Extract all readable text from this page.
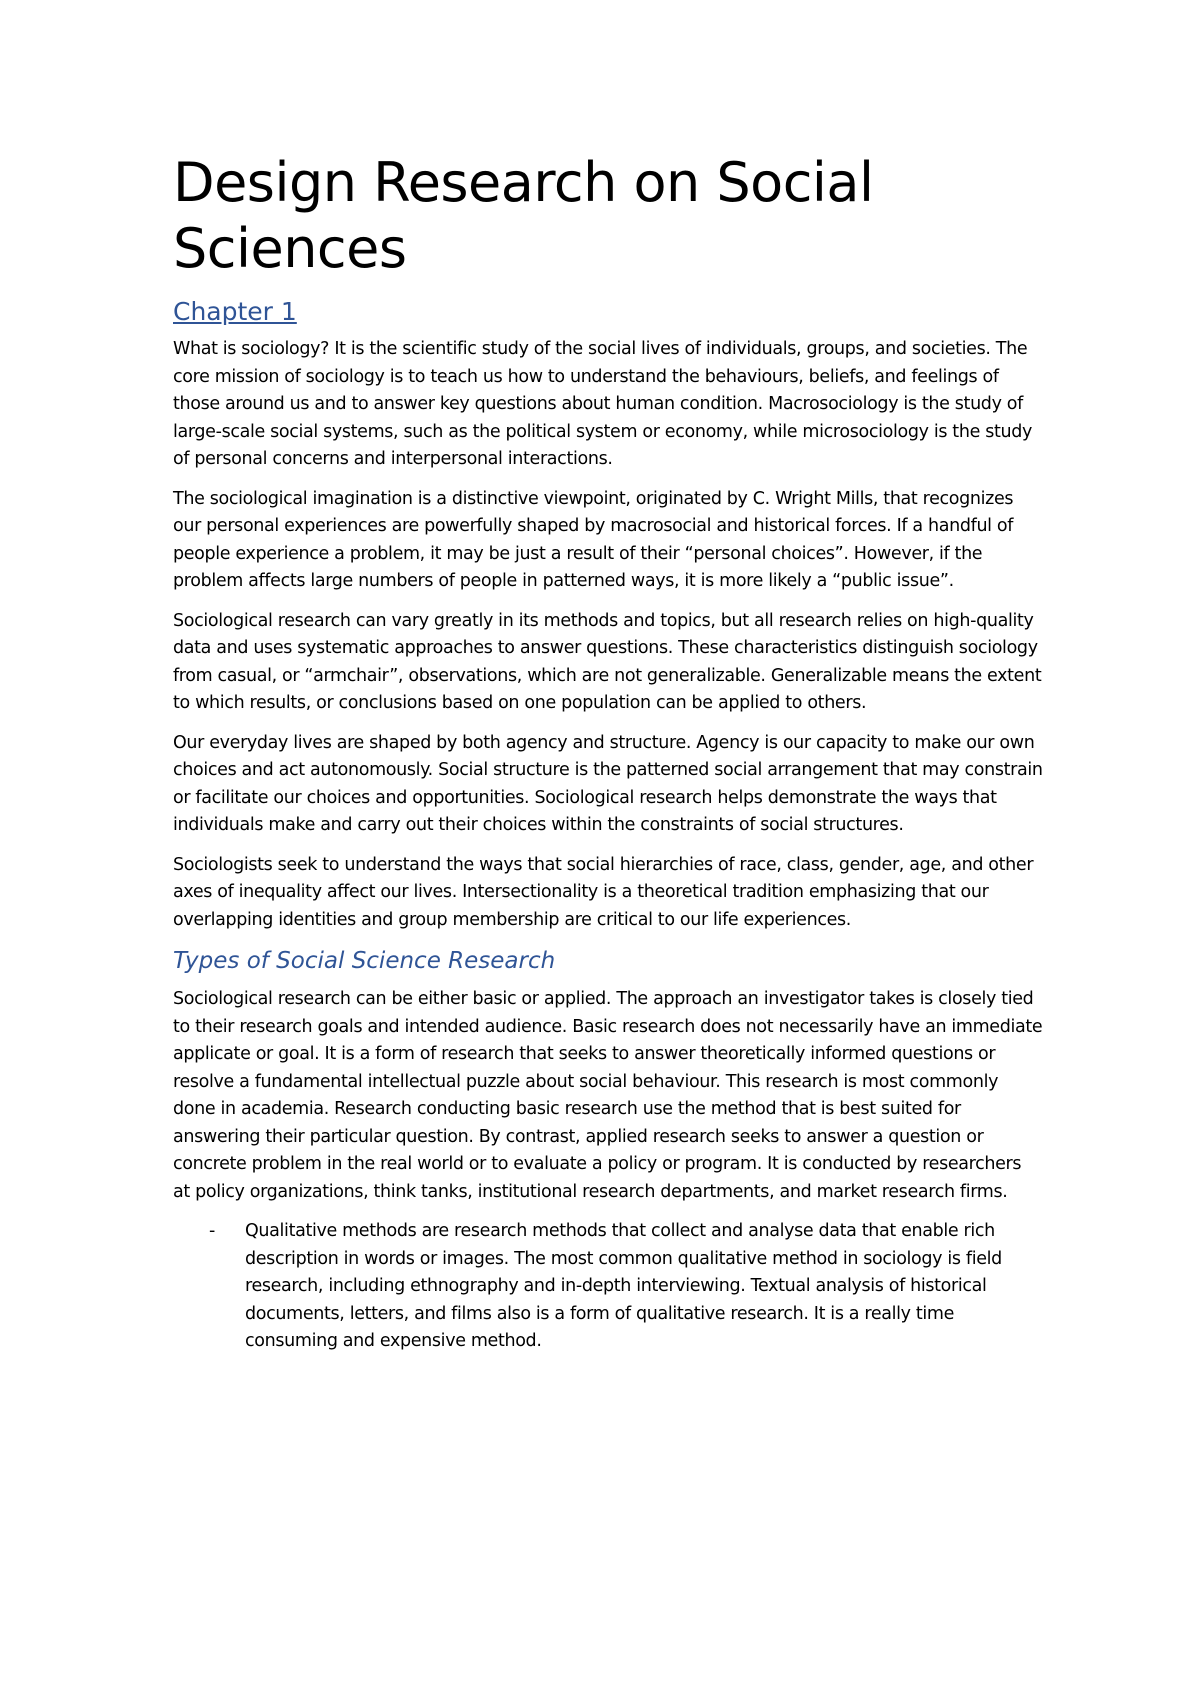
Design Research on Social Sciences
Chapter 1

What is sociology? It is the scientific study of the social lives of individuals, groups, and societies. The core mission of sociology is to teach us how to understand the behaviours, beliefs, and feelings of those around us and to answer key questions about human condition. Macrosociology is the study of large-scale social systems, such as the political system or economy, while microsociology is the study of personal concerns and interpersonal interactions.

The sociological imagination is a distinctive viewpoint, originated by C. Wright Mills, that recognizes our personal experiences are powerfully shaped by macrosocial and historical forces. If a handful of people experience a problem, it may be just a result of their “personal choices”. However, if the problem affects large numbers of people in patterned ways, it is more likely a “public issue”.

Sociological research can vary greatly in its methods and topics, but all research relies on high-quality data and uses systematic approaches to answer questions. These characteristics distinguish sociology from casual, or “armchair”, observations, which are not generalizable. Generalizable means the extent to which results, or conclusions based on one population can be applied to others.

Our everyday lives are shaped by both agency and structure. Agency is our capacity to make our own choices and act autonomously. Social structure is the patterned social arrangement that may constrain or facilitate our choices and opportunities. Sociological research helps demonstrate the ways that individuals make and carry out their choices within the constraints of social structures.

Sociologists seek to understand the ways that social hierarchies of race, class, gender, age, and other axes of inequality affect our lives. Intersectionality is a theoretical tradition emphasizing that our overlapping identities and group membership are critical to our life experiences.

Types of Social Science Research

Sociological research can be either basic or applied. The approach an investigator takes is closely tied to their research goals and intended audience. Basic research does not necessarily have an immediate applicate or goal. It is a form of research that seeks to answer theoretically informed questions or resolve a fundamental intellectual puzzle about social behaviour. This research is most commonly done in academia. Research conducting basic research use the method that is best suited for answering their particular question. By contrast, applied research seeks to answer a question or concrete problem in the real world or to evaluate a policy or program. It is conducted by researchers at policy organizations, think tanks, institutional research departments, and market research firms.

- Qualitative methods are research methods that collect and analyse data that enable rich description in words or images. The most common qualitative method in sociology is field research, including ethnography and in-depth interviewing. Textual analysis of historical documents, letters, and films also is a form of qualitative research. It is a really time consuming and expensive method.
